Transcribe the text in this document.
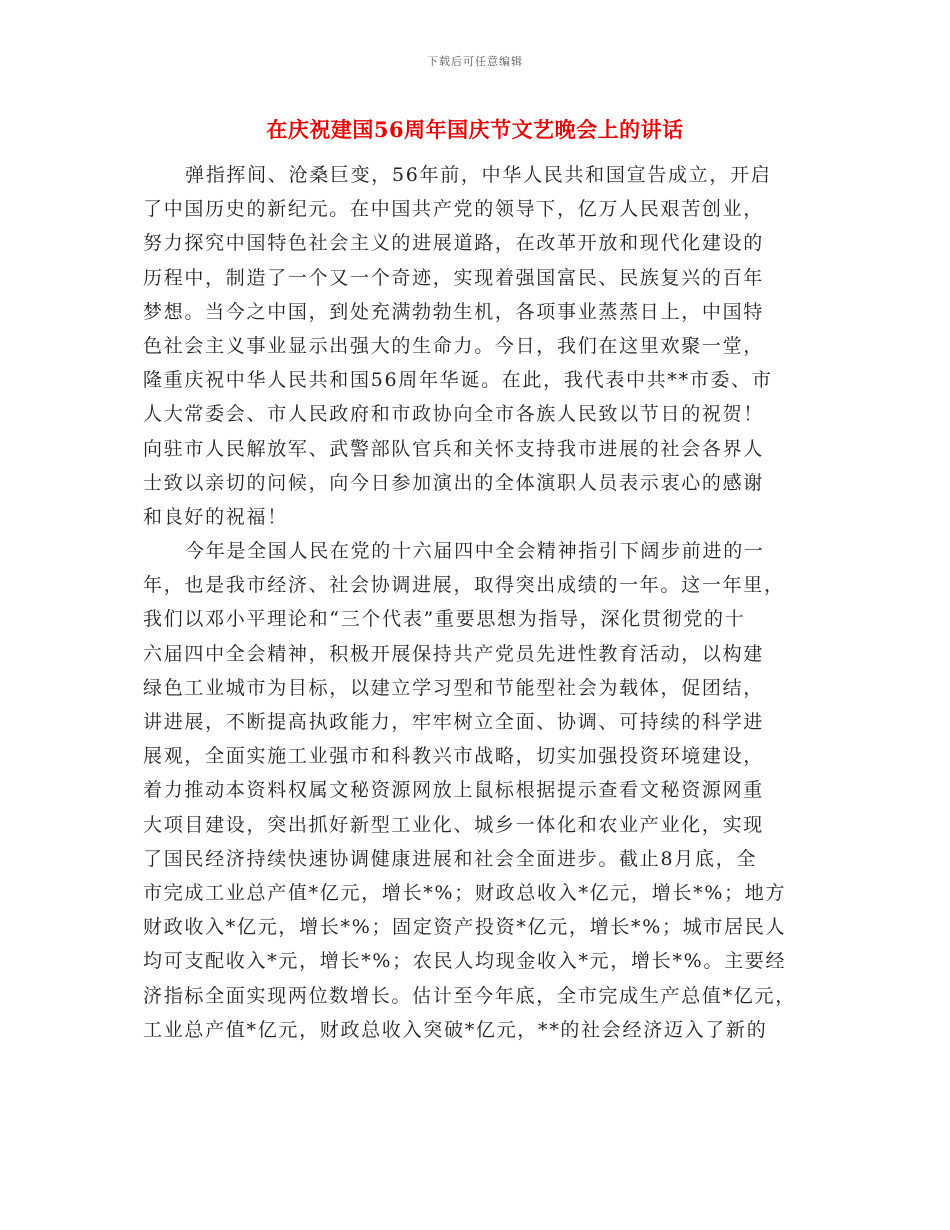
下载后可任意编辑
在庆祝建国56周年国庆节文艺晚会上的讲话
弹指挥间、沧桑巨变，56年前，中华人民共和国宣告成立，开启
了中国历史的新纪元。在中国共产党的领导下，亿万人民艰苦创业，
努力探究中国特色社会主义的进展道路，在改革开放和现代化建设的
历程中，制造了一个又一个奇迹，实现着强国富民、民族复兴的百年
梦想。当今之中国，到处充满勃勃生机，各项事业蒸蒸日上，中国特
色社会主义事业显示出强大的生命力。今日，我们在这里欢聚一堂，
隆重庆祝中华人民共和国56周年华诞。在此，我代表中共**市委、市
人大常委会、市人民政府和市政协向全市各族人民致以节日的祝贺！
向驻市人民解放军、武警部队官兵和关怀支持我市进展的社会各界人
士致以亲切的问候，向今日参加演出的全体演职人员表示衷心的感谢
和良好的祝福！
今年是全国人民在党的十六届四中全会精神指引下阔步前进的一
年，也是我市经济、社会协调进展，取得突出成绩的一年。这一年里，
我们以邓小平理论和“三个代表”重要思想为指导，深化贯彻党的十
六届四中全会精神，积极开展保持共产党员先进性教育活动，以构建
绿色工业城市为目标，以建立学习型和节能型社会为载体，促团结，
讲进展，不断提高执政能力，牢牢树立全面、协调、可持续的科学进
展观，全面实施工业强市和科教兴市战略，切实加强投资环境建设，
着力推动本资料权属文秘资源网放上鼠标根据提示查看文秘资源网重
大项目建设，突出抓好新型工业化、城乡一体化和农业产业化，实现
了国民经济持续快速协调健康进展和社会全面进步。截止8月底，全
市完成工业总产值*亿元，增长*%；财政总收入*亿元，增长*%；地方
财政收入*亿元，增长*%；固定资产投资*亿元，增长*%；城市居民人
均可支配收入*元，增长*%；农民人均现金收入*元，增长*%。主要经
济指标全面实现两位数增长。估计至今年底，全市完成生产总值*亿元，
工业总产值*亿元，财政总收入突破*亿元，**的社会经济迈入了新的
